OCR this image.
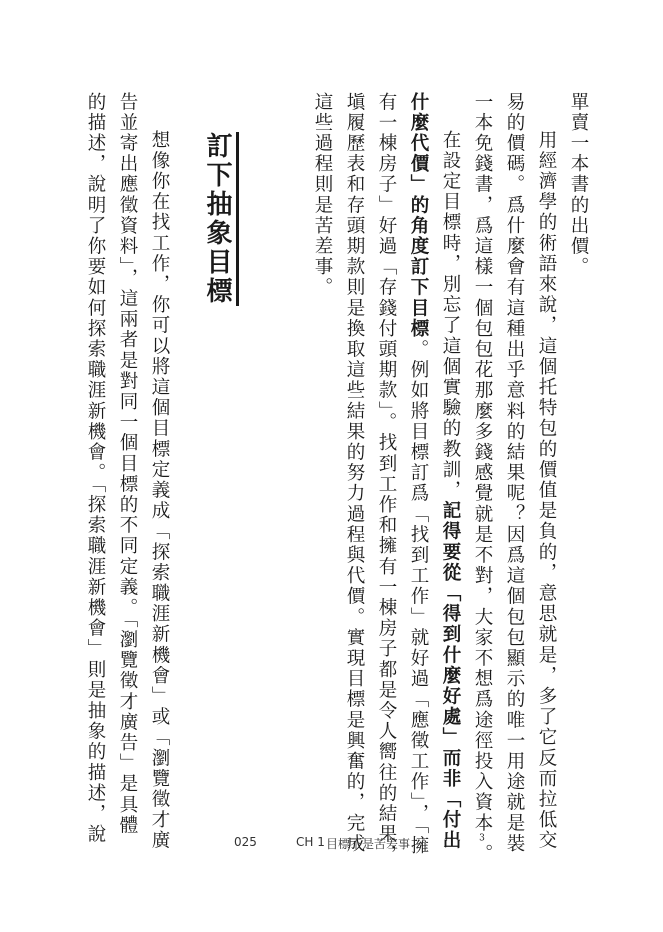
單賣一本書的出價。
用經濟學的術語來說，這個托特包的價值是負的，意思就是，多了它反而拉低交
易的價碼。爲什麼會有這種出乎意料的結果呢？因爲這個包包顯示的唯一用途就是裝
一本免錢書，爲這樣一個包包花那麼多錢感覺就是不對，大家不想爲途徑投入資本3。
在設定目標時，別忘了這個實驗的教訓，記得要從「得到什麼好處」而非「付出
什麼代價」的角度訂下目標。例如將目標訂爲「找到工作」就好過「應徵工作」，「擁
有一棟房子」好過「存錢付頭期款」。找到工作和擁有一棟房子都是令人嚮往的結果，
塡履歷表和存頭期款則是換取這些結果的努力過程與代價。實現目標是興奮的，完成
這些過程則是苦差事。
訂下抽象目標
想像你在找工作，你可以將這個目標定義成「探索職涯新機會」或「瀏覽徵才廣
告並寄出應徵資料」，這兩者是對同一個目標的不同定義。「瀏覽徵才廣告」是具體
的描述，說明了你要如何探索職涯新機會。「探索職涯新機會」則是抽象的描述，說	025	CH 1 目標不是苦差事
